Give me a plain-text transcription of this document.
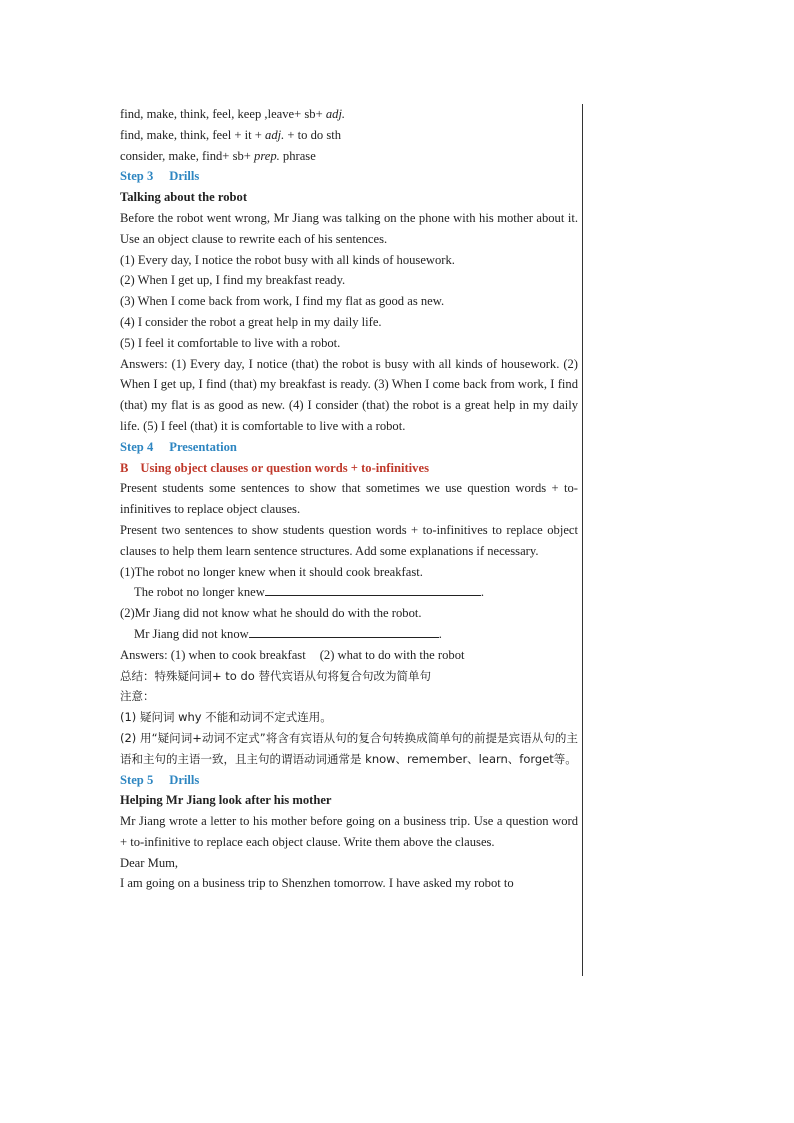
find, make, think, feel, keep ,leave+ sb+ adj.
find, make, think, feel + it + adj. + to do sth
consider, make, find+ sb+ prep. phrase
Step 3 Drills
Talking about the robot
Before the robot went wrong, Mr Jiang was talking on the phone with his mother about it. Use an object clause to rewrite each of his sentences.
(1) Every day, I notice the robot busy with all kinds of housework.
(2) When I get up, I find my breakfast ready.
(3) When I come back from work, I find my flat as good as new.
(4) I consider the robot a great help in my daily life.
(5) I feel it comfortable to live with a robot.
Answers: (1) Every day, I notice (that) the robot is busy with all kinds of housework. (2) When I get up, I find (that) my breakfast is ready. (3) When I come back from work, I find (that) my flat is as good as new. (4) I consider (that) the robot is a great help in my daily life. (5) I feel (that) it is comfortable to live with a robot.
Step 4 Presentation
B Using object clauses or question words + to-infinitives
Present students some sentences to show that sometimes we use question words + to-infinitives to replace object clauses.
Present two sentences to show students question words + to-infinitives to replace object clauses to help them learn sentence structures. Add some explanations if necessary.
(1)The robot no longer knew when it should cook breakfast.
The robot no longer knew	.
(2)Mr Jiang did not know what he should do with the robot.
Mr Jiang did not know	.
Answers: (1) when to cook breakfast (2) what to do with the robot
总结：特殊疑问词+ to do 替代宾语从句将复合句改为简单句
注意：
(1) 疑问词 why 不能和动词不定式连用。
(2) 用“疑问词+动词不定式”将含有宾语从句的复合句转换成简单句的前提是宾语从句的主语和主句的主语一致，且主句的谓语动词通常是 know、remember、learn、forget等。
Step 5 Drills
Helping Mr Jiang look after his mother
Mr Jiang wrote a letter to his mother before going on a business trip. Use a question word + to-infinitive to replace each object clause. Write them above the clauses.
Dear Mum,
I am going on a business trip to Shenzhen tomorrow. I have asked my robot to
